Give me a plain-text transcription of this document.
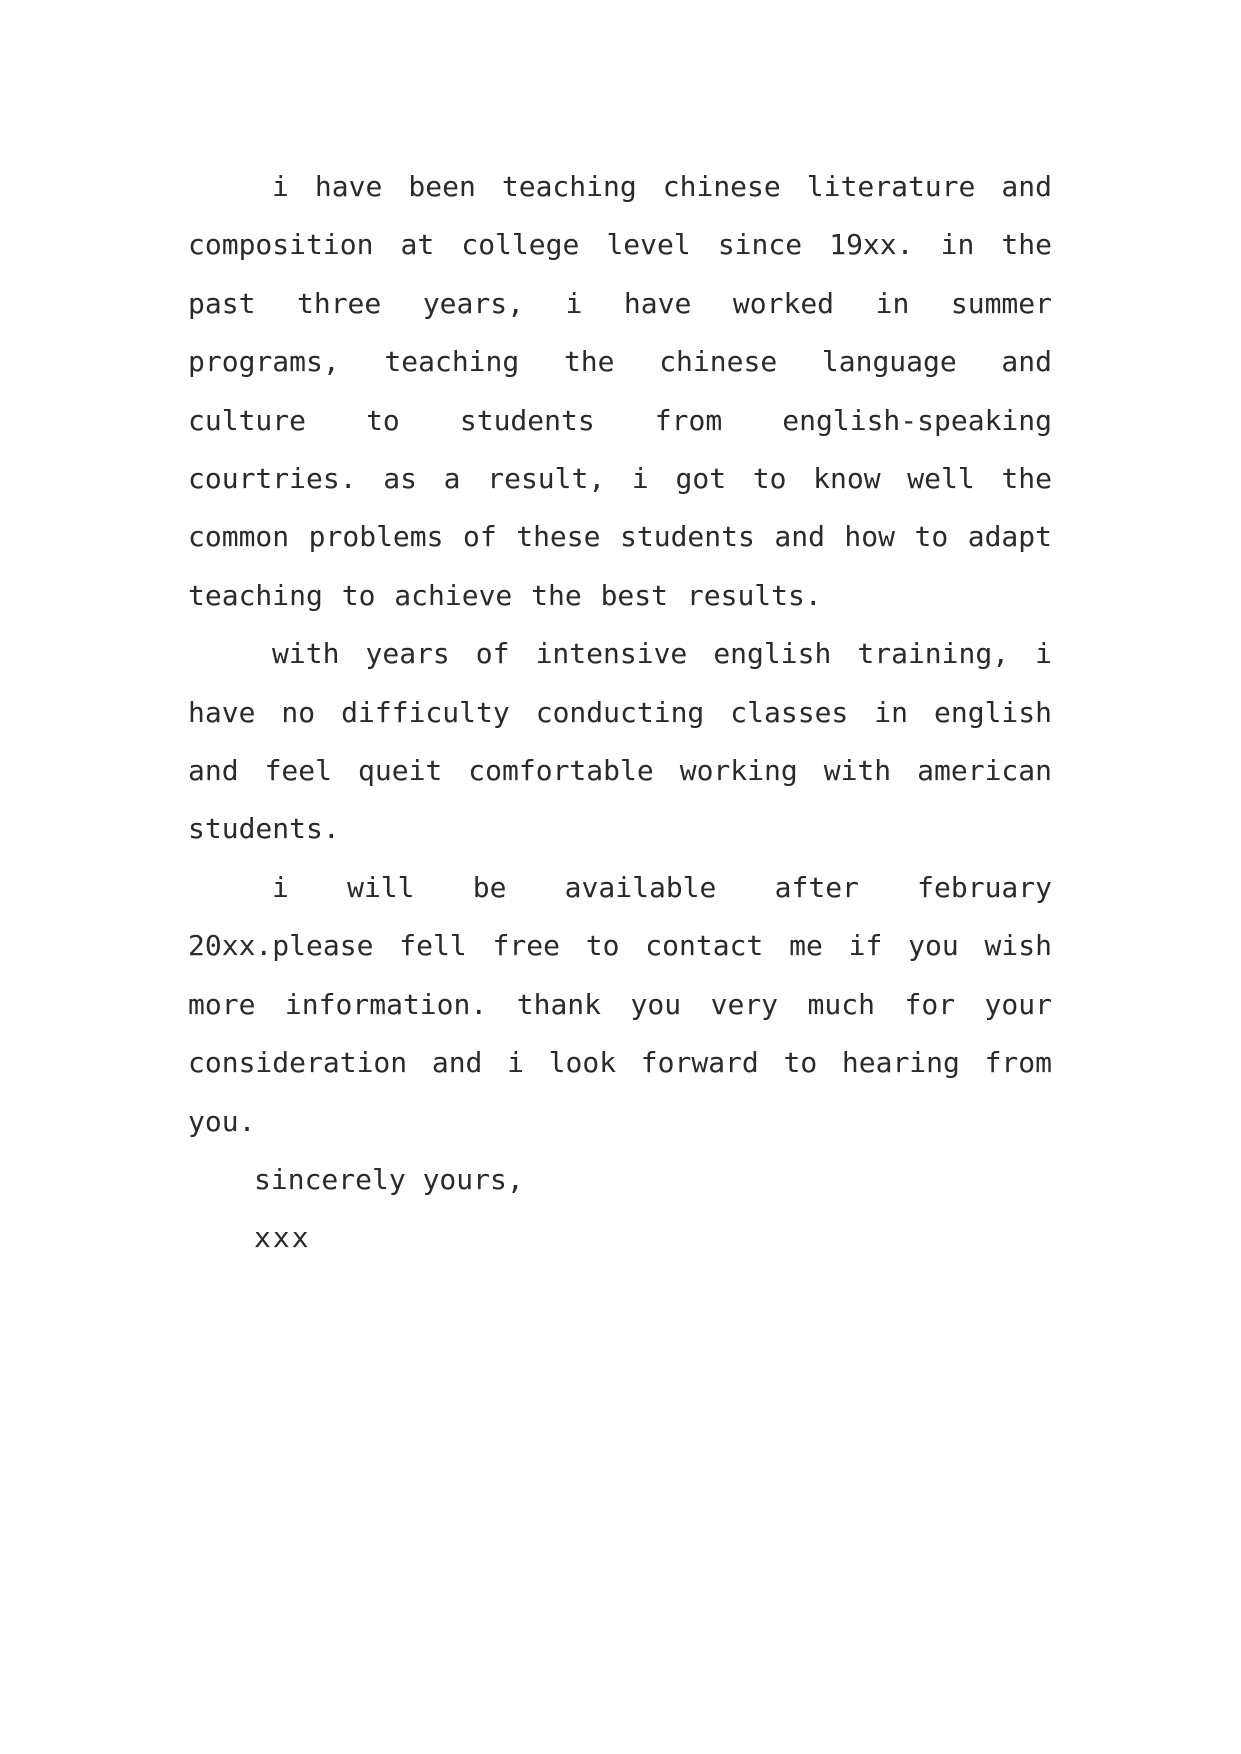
i have been teaching chinese literature and composition at college level since 19xx. in the past three years, i have worked in summer programs, teaching the chinese language and culture to students from english-speaking courtries. as a result, i got to know well the common problems of these students and how to adapt teaching to achieve the best results.

with years of intensive english training, i have no difficulty conducting classes in english and feel queit comfortable working with american students.

i will be available after february 20xx.please fell free to contact me if you wish more information. thank you very much for your consideration and i look forward to hearing from you.

sincerely yours,

xxx
